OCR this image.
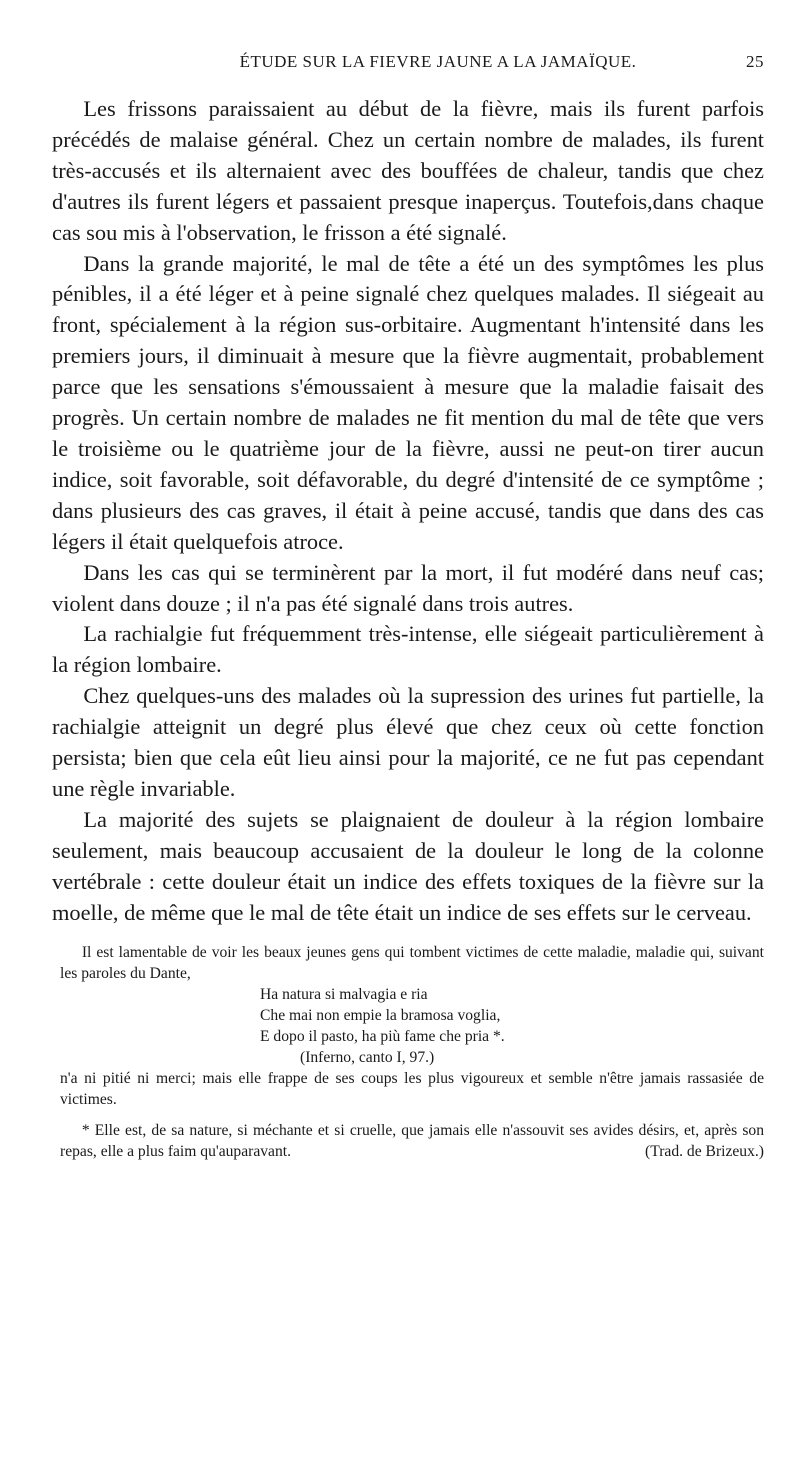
ÉTUDE SUR LA FIEVRE JAUNE A LA JAMAÏQUE.	25

Les frissons paraissaient au début de la fièvre, mais ils furent parfois précédés de malaise général. Chez un certain nombre de malades, ils furent très-accusés et ils alternaient avec des bouffées de chaleur, tandis que chez d'autres ils furent légers et passaient presque inaperçus. Toutefois,dans chaque cas sou mis à l'observation, le frisson a été signalé.

Dans la grande majorité, le mal de tête a été un des symptômes les plus pénibles, il a été léger et à peine signalé chez quelques malades. Il siégeait au front, spécialement à la région sus-orbitaire. Augmentant h'intensité dans les premiers jours, il diminuait à mesure que la fièvre augmentait, probablement parce que les sensations s'émoussaient à mesure que la maladie faisait des progrès. Un certain nombre de malades ne fit mention du mal de tête que vers le troisième ou le quatrième jour de la fièvre, aussi ne peut-on tirer aucun indice, soit favorable, soit défavorable, du degré d'intensité de ce symptôme ; dans plusieurs des cas graves, il était à peine accusé, tandis que dans des cas légers il était quelquefois atroce.

Dans les cas qui se terminèrent par la mort, il fut modéré dans neuf cas; violent dans douze ; il n'a pas été signalé dans trois autres.

La rachialgie fut fréquemment très-intense, elle siégeait particulièrement à la région lombaire.

Chez quelques-uns des malades où la supression des urines fut partielle, la rachialgie atteignit un degré plus élevé que chez ceux où cette fonction persista; bien que cela eût lieu ainsi pour la majorité, ce ne fut pas cependant une règle invariable.

La majorité des sujets se plaignaient de douleur à la région lombaire seulement, mais beaucoup accusaient de la douleur le long de la colonne vertébrale : cette douleur était un indice des effets toxiques de la fièvre sur la moelle, de même que le mal de tête était un indice de ses effets sur le cerveau.

Il est lamentable de voir les beaux jeunes gens qui tombent victimes de cette maladie, maladie qui, suivant les paroles du Dante,

Ha natura si malvagia e ria
Che mai non empie la bramosa voglia,
E dopo il pasto, ha più fame che pria *.
(Inferno, canto I, 97.)

n'a ni pitié ni merci; mais elle frappe de ses coups les plus vigoureux et semble n'être jamais rassasiée de victimes.

* Elle est, de sa nature, si méchante et si cruelle, que jamais elle n'assouvit ses avides désirs, et, après son repas, elle a plus faim qu'auparavant.	(Trad. de Brizeux.)
